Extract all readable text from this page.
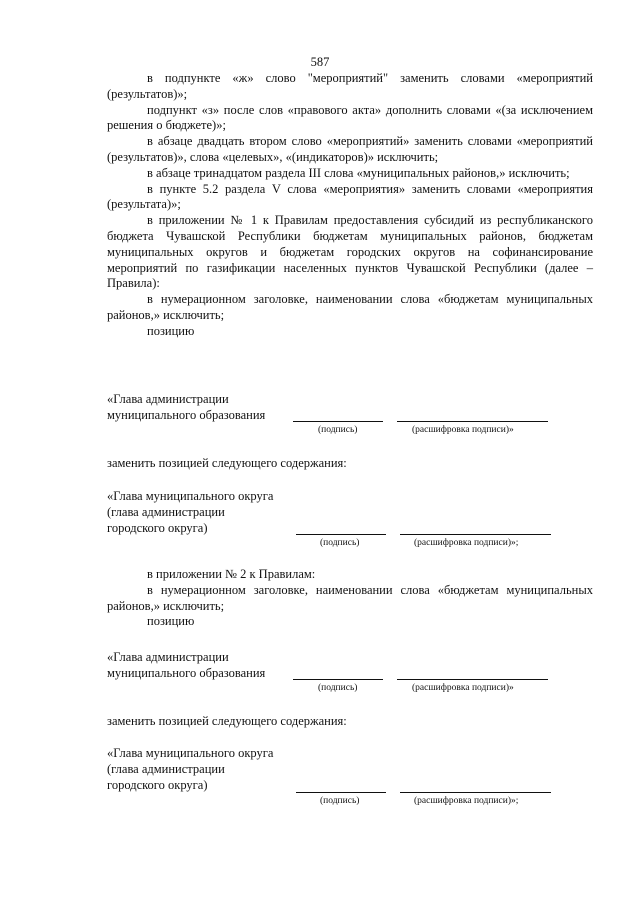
587

в подпункте «ж» слово "мероприятий" заменить словами «мероприятий (результатов)»;

подпункт «з» после слов «правового акта» дополнить словами «(за исключением решения о бюджете)»;

в абзаце двадцать втором слово «мероприятий» заменить словами «мероприятий (результатов)», слова «целевых», «(индикаторов)» исключить;

в абзаце тринадцатом раздела III слова «муниципальных районов,» исключить;

в пункте 5.2 раздела V слова «мероприятия» заменить словами «мероприятия (результата)»;

в приложении № 1 к Правилам предоставления субсидий из республиканского бюджета Чувашской Республики бюджетам муниципальных районов, бюджетам муниципальных округов и бюджетам городских округов на софинансирование мероприятий по газификации населенных пунктов Чувашской Республики (далее – Правила):

в нумерационном заголовке, наименовании слова «бюджетам муниципальных районов,» исключить;

позицию

«Глава администрации
муниципального образования
(подпись)	(расшифровка подписи)»
заменить позицией следующего содержания:
«Глава муниципального округа
(глава администрации
городского округа)
(подпись)	(расшифровка подписи)»;

в приложении № 2 к Правилам:

в нумерационном заголовке, наименовании слова «бюджетам муниципальных районов,» исключить;

позицию

«Глава администрации
муниципального образования
(подпись)	(расшифровка подписи)»
заменить позицией следующего содержания:
«Глава муниципального округа
(глава администрации
городского округа)
(подпись)	(расшифровка подписи)»;
